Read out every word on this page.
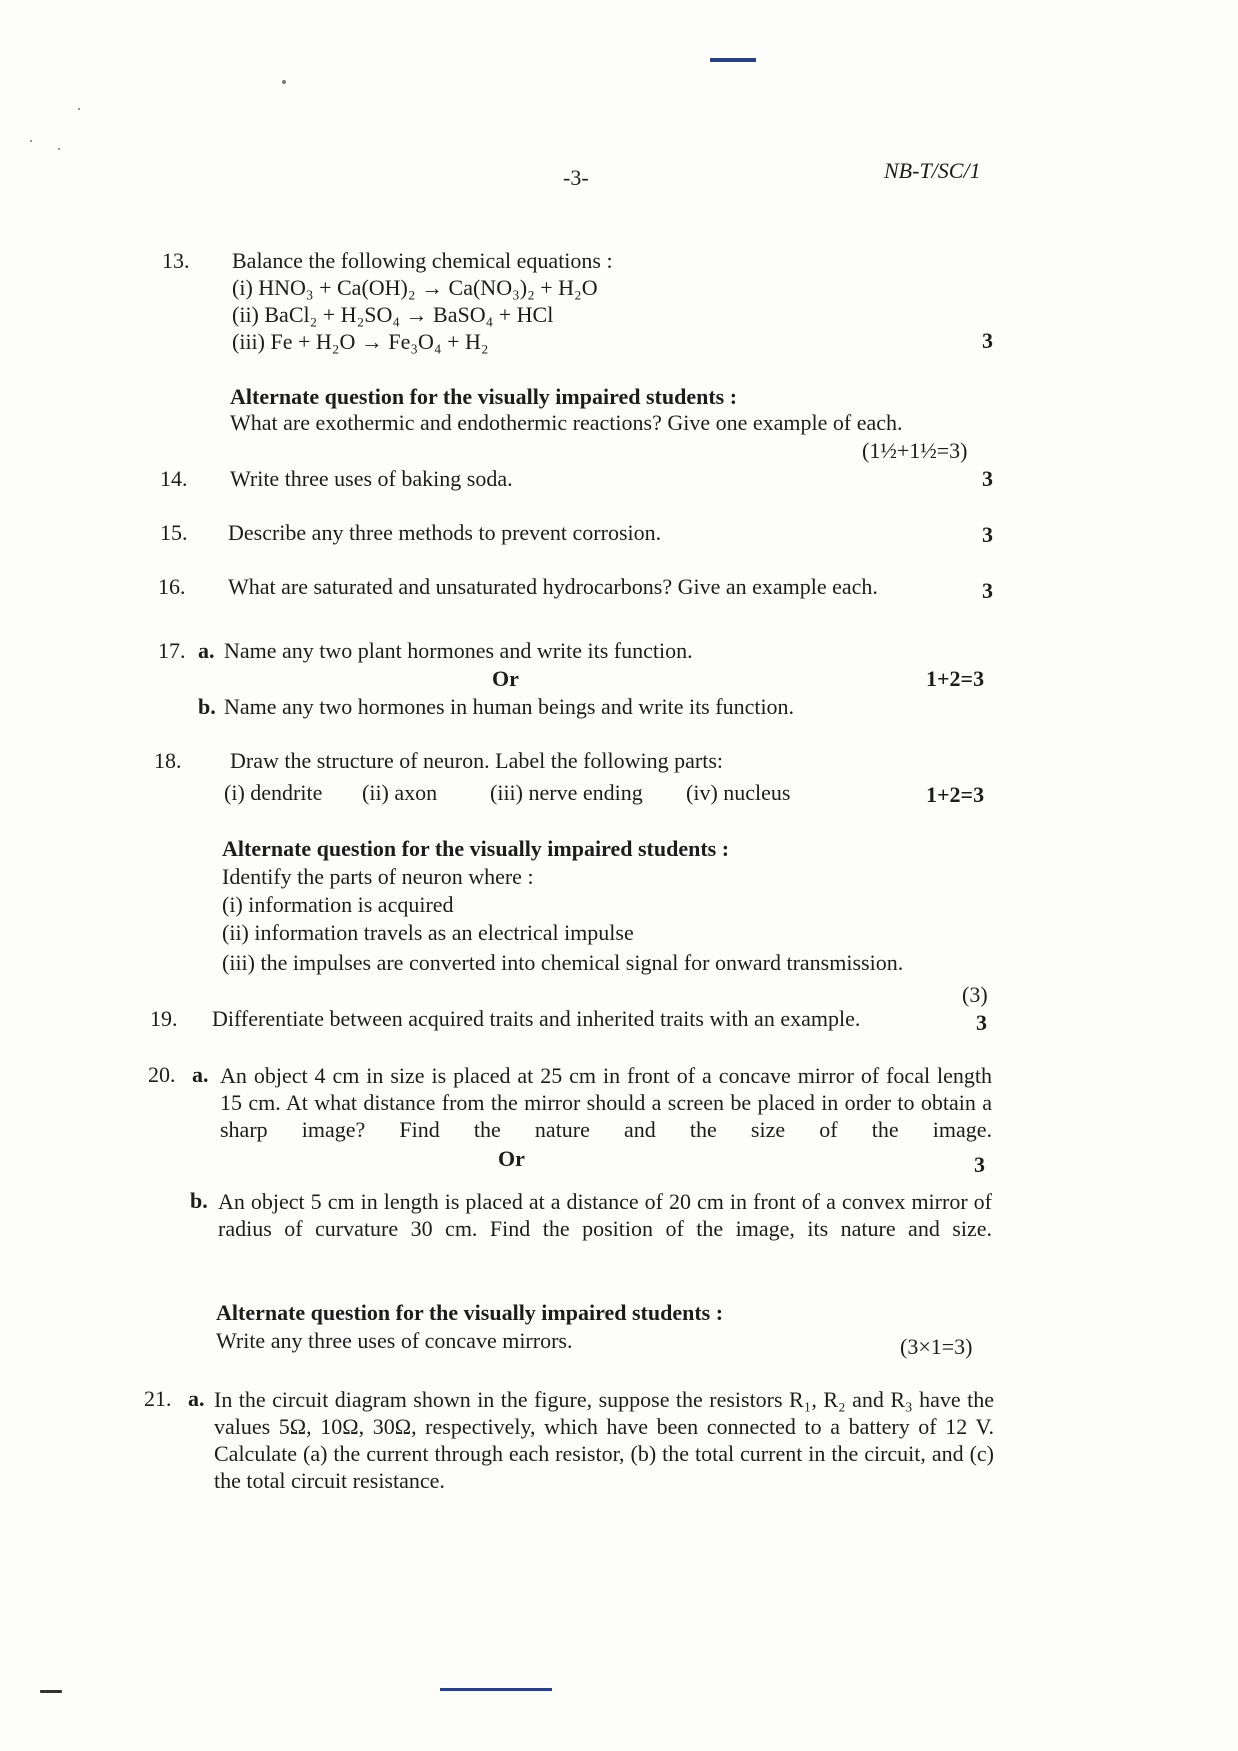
-3-	NB-T/SC/1
13. Balance the following chemical equations :
(i) HNO₃ + Ca(OH)₂ → Ca(NO₃)₂ + H₂O
(ii) BaCl₂ + H₂SO₄ → BaSO₄ + HCl
(iii) Fe + H₂O → Fe₃O₄ + H₂	3
Alternate question for the visually impaired students :
What are exothermic and endothermic reactions? Give one example of each.
(1½+1½=3)
14. Write three uses of baking soda.	3
15. Describe any three methods to prevent corrosion.	3
16. What are saturated and unsaturated hydrocarbons? Give an example each.	3
17. a. Name any two plant hormones and write its function.
Or	1+2=3
b. Name any two hormones in human beings and write its function.
18. Draw the structure of neuron. Label the following parts:
(i) dendrite (ii) axon (iii) nerve ending (iv) nucleus	1+2=3
Alternate question for the visually impaired students :
Identify the parts of neuron where :
(i) information is acquired
(ii) information travels as an electrical impulse
(iii) the impulses are converted into chemical signal for onward transmission.
(3)
19. Differentiate between acquired traits and inherited traits with an example.	3
20. a. An object 4 cm in size is placed at 25 cm in front of a concave mirror of focal length 15 cm. At what distance from the mirror should a screen be placed in order to obtain a sharp image? Find the nature and the size of the image.
Or	3
b. An object 5 cm in length is placed at a distance of 20 cm in front of a convex mirror of radius of curvature 30 cm. Find the position of the image, its nature and size.
Alternate question for the visually impaired students :
Write any three uses of concave mirrors.	(3×1=3)
21. a. In the circuit diagram shown in the figure, suppose the resistors R₁, R₂ and R₃ have the values 5Ω, 10Ω, 30Ω, respectively, which have been connected to a battery of 12 V. Calculate (a) the current through each resistor, (b) the total current in the circuit, and (c) the total circuit resistance.
